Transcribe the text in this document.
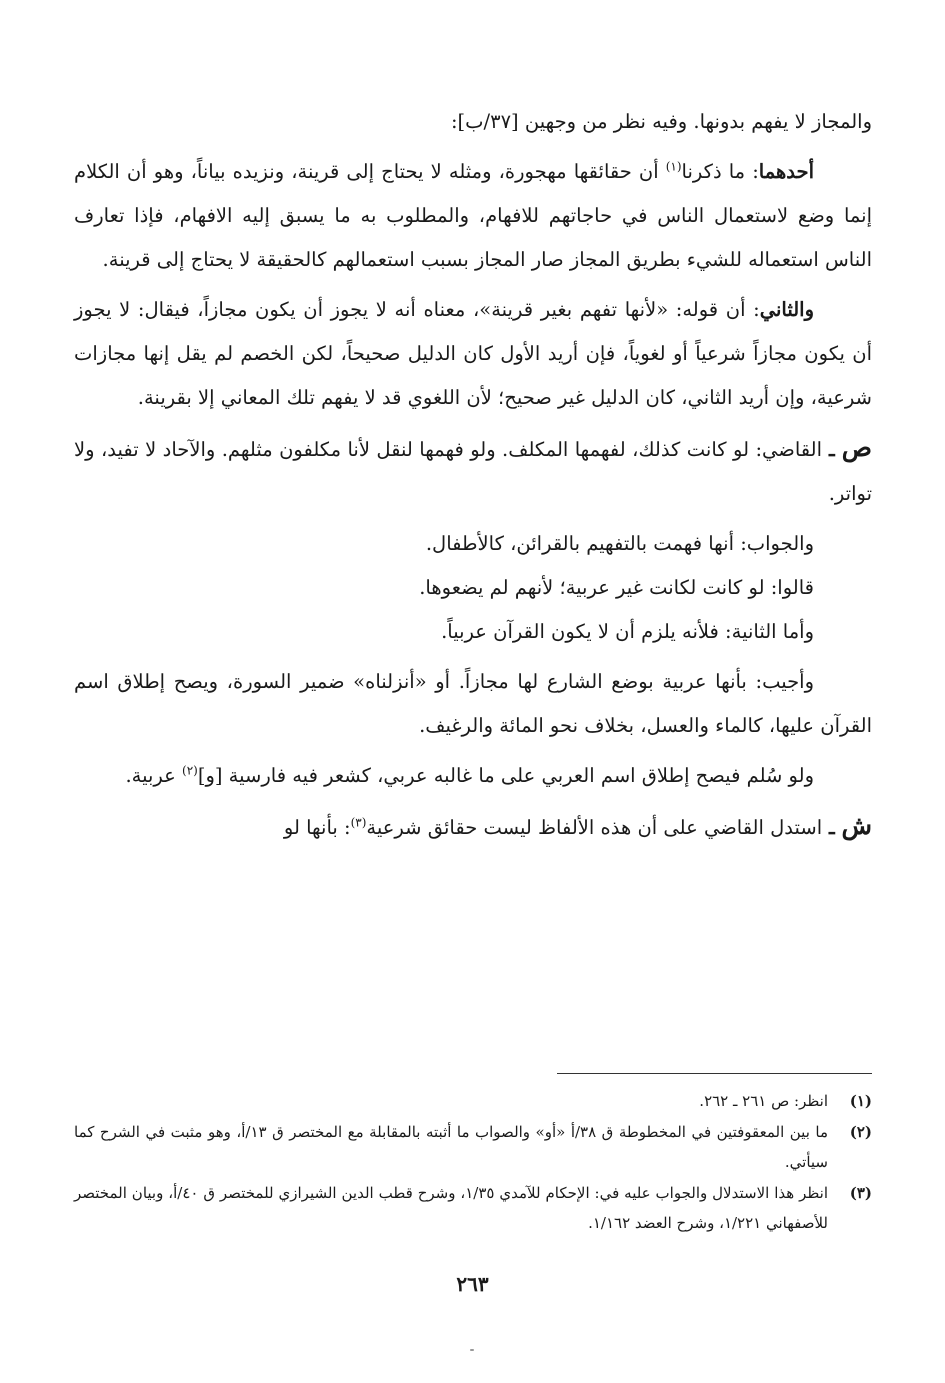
والمجاز لا يفهم بدونها. وفيه نظر من وجهين [٣٧/ب]:

أحدهما: ما ذكرنا$^{(١)}$ أن حقائقها مهجورة، ومثله لا يحتاج إلى قرينة، ونزيده بياناً، وهو أن الكلام إنما وضع لاستعمال الناس في حاجاتهم للافهام، والمطلوب به ما يسبق إليه الافهام، فإذا تعارف الناس استعماله للشيء بطريق المجاز صار المجاز بسبب استعمالهم كالحقيقة لا يحتاج إلى قرينة.

والثاني: أن قوله: «لأنها تفهم بغير قرينة»، معناه أنه لا يجوز أن يكون مجازاً، فيقال: لا يجوز أن يكون مجازاً شرعياً أو لغوياً، فإن أريد الأول كان الدليل صحيحاً، لكن الخصم لم يقل إنها مجازات شرعية، وإن أريد الثاني، كان الدليل غير صحيح؛ لأن اللغوي قد لا يفهم تلك المعاني إلا بقرينة.

ص ـ القاضي: لو كانت كذلك، لفهمها المكلف. ولو فهمها لنقل لأنا مكلفون مثلهم. والآحاد لا تفيد، ولا تواتر.

والجواب: أنها فهمت بالتفهيم بالقرائن، كالأطفال.

قالوا: لو كانت لكانت غير عربية؛ لأنهم لم يضعوها.

وأما الثانية: فلأنه يلزم أن لا يكون القرآن عربياً.

وأجيب: بأنها عربية بوضع الشارع لها مجازاً. أو «أنزلناه» ضمير السورة، ويصح إطلاق اسم القرآن عليها، كالماء والعسل، بخلاف نحو المائة والرغيف.

ولو سُلم فيصح إطلاق اسم العربي على ما غالبه عربي، كشعر فيه فارسية [و]$^{(٢)}$ عربية.

ش ـ استدل القاضي على أن هذه الألفاظ ليست حقائق شرعية$^{(٣)}$: بأنها لو

(١)
انظر: ص ٢٦١ ـ ٢٦٢.
(٢)
ما بين المعقوفتين في المخطوطة ق ٣٨/أ «أو» والصواب ما أثبته بالمقابلة مع المختصر ق ١٣/أ، وهو مثبت في الشرح كما سيأتي.
(٣)
انظر هذا الاستدلال والجواب عليه في: الإحكام للآمدي ١/٣٥، وشرح قطب الدين الشيرازي للمختصر ق ٤٠/أ، وبيان المختصر للأصفهاني ١/٢٢١، وشرح العضد ١/١٦٢.
٢٦٣
